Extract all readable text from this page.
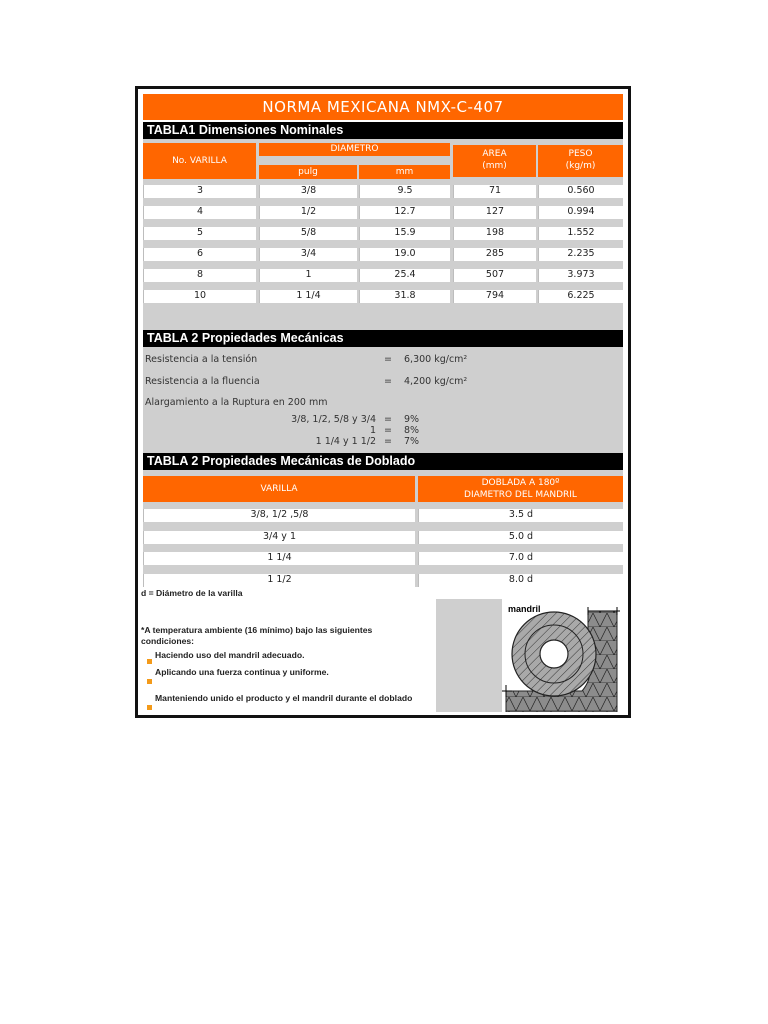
NORMA MEXICANA NMX-C-407
TABLA1 Dimensiones Nominales
No. VARILLA
DIAMETRO
pulg	mm
AREA
(mm)
PESO
(kg/m)
3	3/8	9.5	71	0.560
4	1/2	12.7	127	0.994
5	5/8	15.9	198	1.552
6	3/4	19.0	285	2.235
8	1	25.4	507	3.973
10	1 1/4	31.8	794	6.225
TABLA 2 Propiedades Mecánicas
Resistencia a la tensión	= 6,300 kg/cm²
Resistencia a la fluencia	= 4,200 kg/cm²
Alargamiento a la Ruptura en 200 mm
3/8, 1/2, 5/8 y 3/4 = 9%
1 = 8%
1 1/4 y 1 1/2 = 7%
TABLA 2 Propiedades Mecánicas de Doblado
VARILLA
DOBLADA A 180º
DIAMETRO DEL MANDRIL
3/8, 1/2 ,5/8	3.5 d
3/4 y 1	5.0 d
1 1/4	7.0 d
1 1/2	8.0 d
d = Diámetro de la varilla
*A temperatura ambiente (16 mínimo) bajo las siguientes condiciones:
Haciendo uso del mandril adecuado.
Aplicando una fuerza continua y uniforme.
Manteniendo unido el producto y el mandril durante el doblado
mandril
